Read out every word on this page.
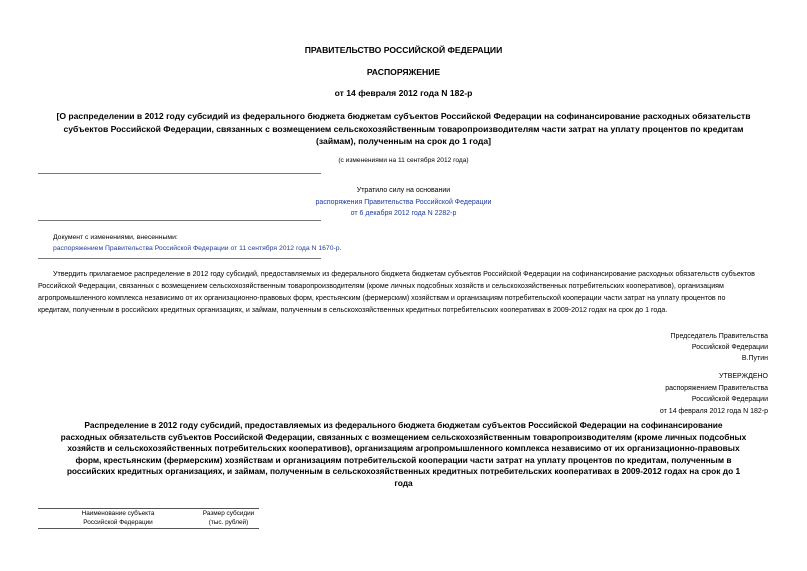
ПРАВИТЕЛЬСТВО РОССИЙСКОЙ ФЕДЕРАЦИИ
РАСПОРЯЖЕНИЕ
от 14 февраля 2012 года N 182-р
[О распределении в 2012 году субсидий из федерального бюджета бюджетам субъектов Российской Федерации на софинансирование расходных обязательств
субъектов Российской Федерации, связанных с возмещением сельскохозяйственным товаропроизводителям части затрат на уплату процентов по кредитам
(займам), полученным на срок до 1 года]
(с изменениями на 11 сентября 2012 года)
Утратило силу на основании
распоряжения Правительства Российской Федерации
от 6 декабря 2012 года N 2282-р
Документ с изменениями, внесенными:
распоряжением Правительства Российской Федерации от 11 сентября 2012 года N 1670-р.
Утвердить прилагаемое распределение в 2012 году субсидий, предоставляемых из федерального бюджета бюджетам субъектов Российской Федерации на софинансирование расходных обязательств субъектов
Российской Федерации, связанных с возмещением сельскохозяйственным товаропроизводителям (кроме личных подсобных хозяйств и сельскохозяйственных потребительских кооперативов), организациям
агропромышленного комплекса независимо от их организационно-правовых форм, крестьянским (фермерским) хозяйствам и организациям потребительской кооперации части затрат на уплату процентов по
кредитам, полученным в российских кредитных организациях, и займам, полученным в сельскохозяйственных кредитных потребительских кооперативах в 2009-2012 годах на срок до 1 года.
Председатель Правительства
Российской Федерации
В.Путин
УТВЕРЖДЕНО
распоряжением Правительства
Российской Федерации
от 14 февраля 2012 года N 182-р
Распределение в 2012 году субсидий, предоставляемых из федерального бюджета бюджетам субъектов Российской Федерации на софинансирование
расходных обязательств субъектов Российской Федерации, связанных с возмещением сельскохозяйственным товаропроизводителям (кроме личных подсобных
хозяйств и сельскохозяйственных потребительских кооперативов), организациям агропромышленного комплекса независимо от их организационно-правовых
форм, крестьянским (фермерским) хозяйствам и организациям потребительской кооперации части затрат на уплату процентов по кредитам, полученным в
российских кредитных организациях, и займам, полученным в сельскохозяйственных кредитных потребительских кооперативах в 2009-2012 годах на срок до 1
года
Наименование субъекта
Российской Федерации
Размер субсидии
(тыс. рублей)
